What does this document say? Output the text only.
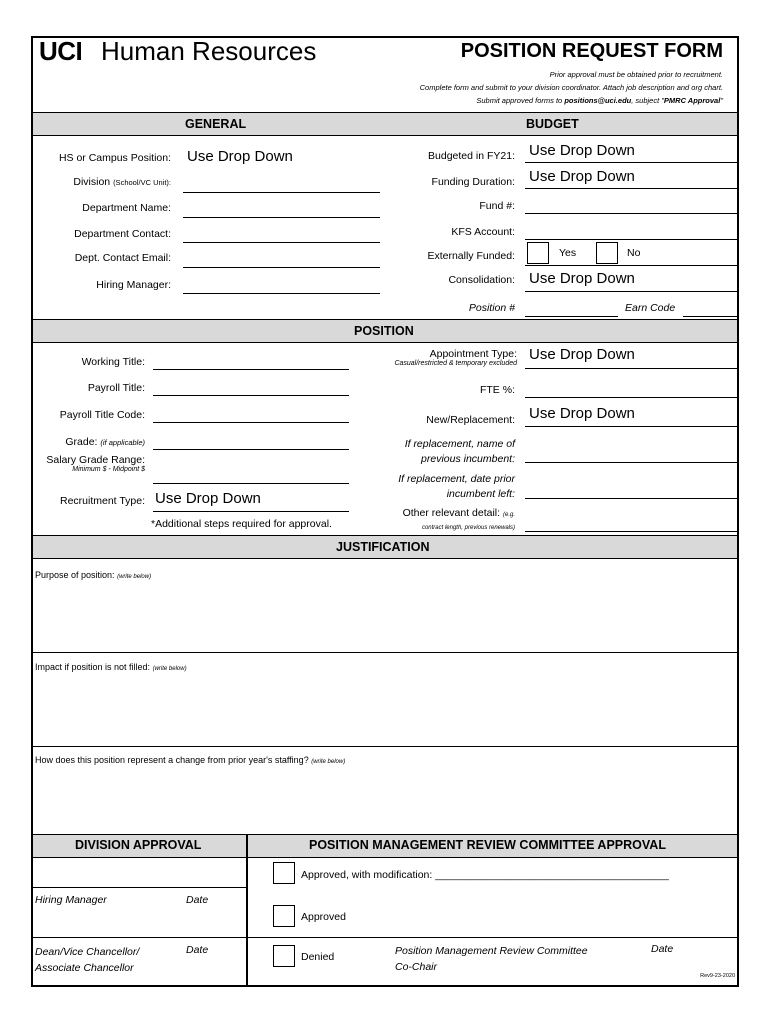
UCI Human Resources	POSITION REQUEST FORM
Prior approval must be obtained prior to recruitment.
Complete form and submit to your division coordinator. Attach job description and org chart.
Submit approved forms to positions@uci.edu, subject "PMRC Approval"
GENERAL	BUDGET
HS or Campus Position: Use Drop Down
Division (School/VC Unit):
Department Name:
Department Contact:
Dept. Contact Email:
Hiring Manager:
Budgeted in FY21: Use Drop Down
Funding Duration: Use Drop Down
Fund #:
KFS Account:
Externally Funded:	Yes	No
Consolidation: Use Drop Down
Position #	Earn Code
POSITION
Working Title:
Payroll Title:
Payroll Title Code:
Grade: (if applicable)
Salary Grade Range:
Minimum $ - Midpoint $
Recruitment Type: Use Drop Down
*Additional steps required for approval.
Appointment Type:
Casual/restricted & temporary excluded
Use Drop Down
FTE %:
New/Replacement: Use Drop Down
If replacement, name of
previous incumbent:
If replacement, date prior
incumbent left:
Other relevant detail: (e.g.
contract length, previous renewals)
JUSTIFICATION
Purpose of position: (write below)
Impact if position is not filled: (write below)
How does this position represent a change from prior year's staffing? (write below)
DIVISION APPROVAL	POSITION MANAGEMENT REVIEW COMMITTEE APPROVAL
Hiring Manager	Date
Dean/Vice Chancellor/
Associate Chancellor
Date
Approved, with modification: ________________________________________
Approved
Denied	Position Management Review Committee
Co-Chair
Date
Rev9-23-2020
